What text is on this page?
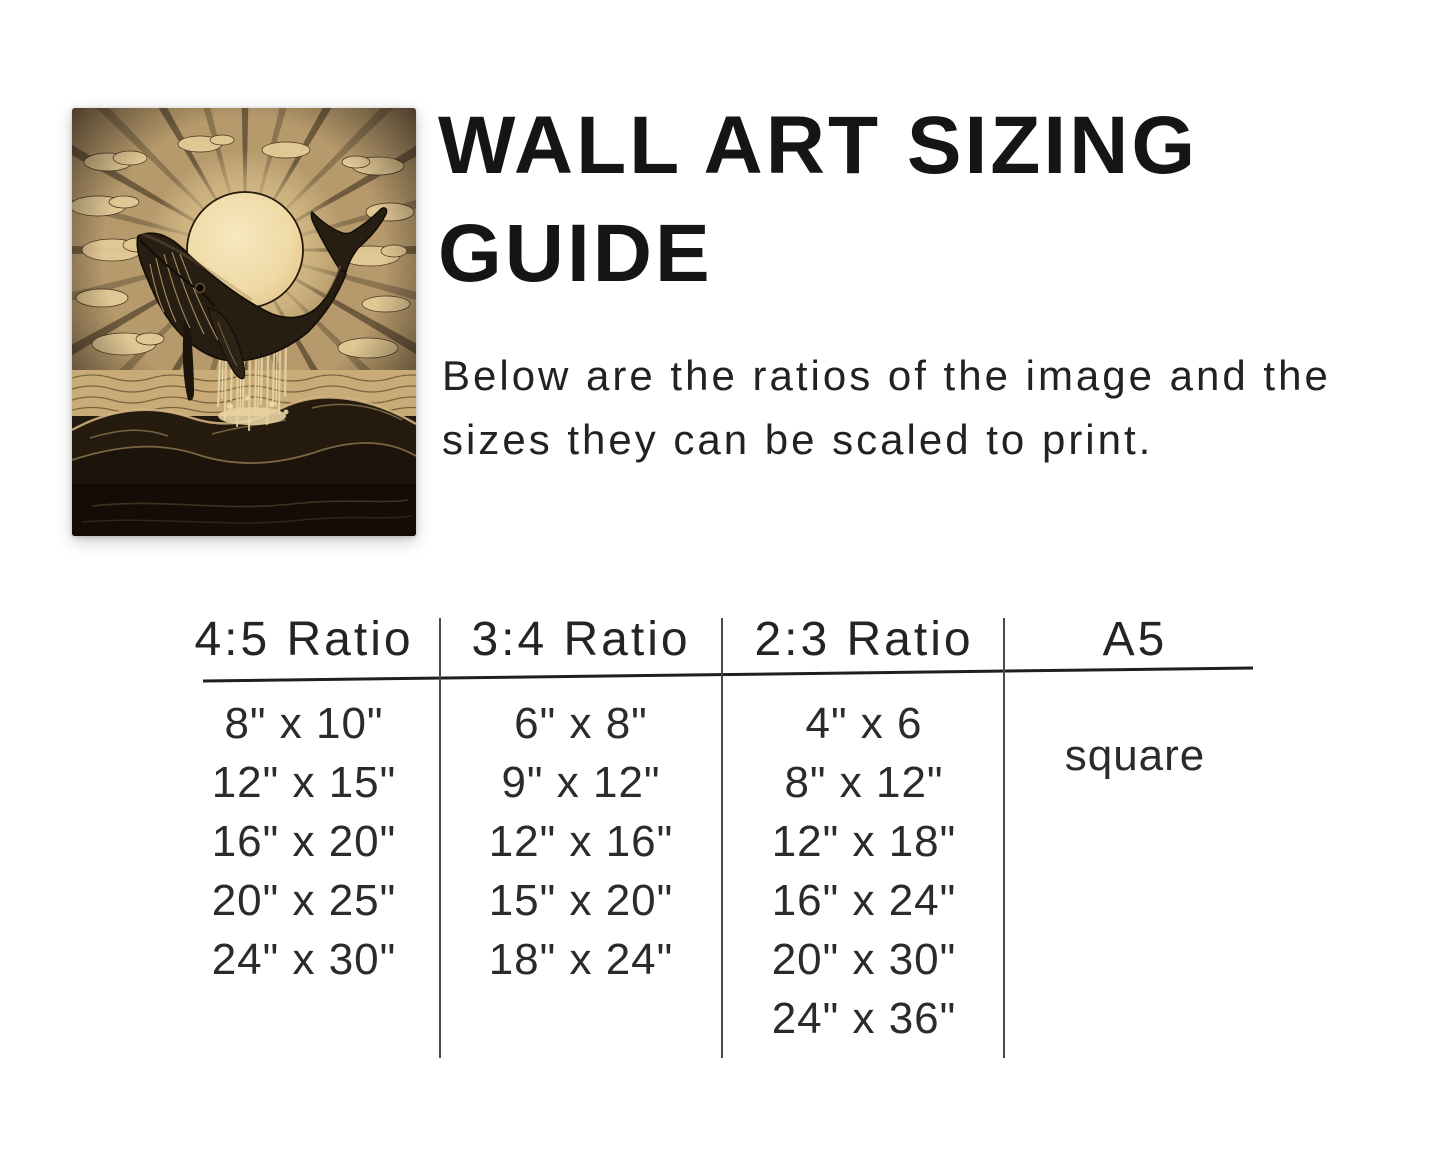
WALL ART SIZING GUIDE

Below are the ratios of the image and the sizes they can be scaled to print.

4:5 Ratio
8" x 10"
12" x 15"
16" x 20"
20" x 25"
24" x 30"
3:4 Ratio
6" x 8"
9" x 12"
12" x 16"
15" x 20"
18" x 24"
2:3 Ratio
4" x 6
8" x 12"
12" x 18"
16" x 24"
20" x 30"
24" x 36"
A5
square
